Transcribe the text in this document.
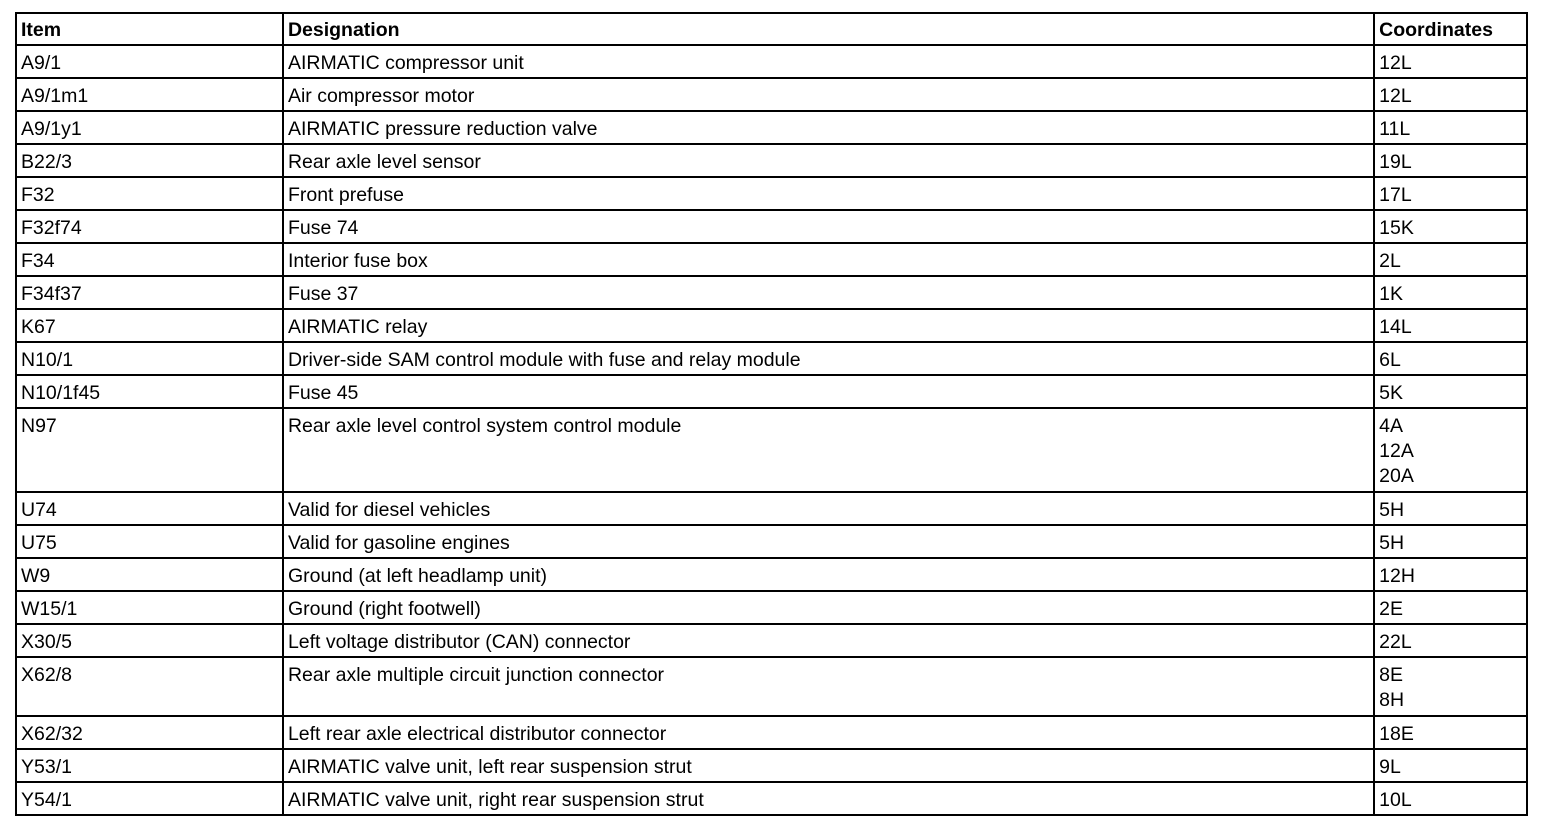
Item	Designation	Coordinates
A9/1	AIRMATIC compressor unit	12L

A9/1m1	Air compressor motor	12L

A9/1y1	AIRMATIC pressure reduction valve	11L

B22/3	Rear axle level sensor	19L

F32	Front prefuse	17L

F32f74	Fuse 74	15K

F34	Interior fuse box	2L

F34f37	Fuse 37	1K

K67	AIRMATIC relay	14L

N10/1	Driver-side SAM control module with fuse and relay module	6L

N10/1f45	Fuse 45	5K

N97	Rear axle level control system control module	4A
12A
20A

U74	Valid for diesel vehicles	5H

U75	Valid for gasoline engines	5H

W9	Ground (at left headlamp unit)	12H

W15/1	Ground (right footwell)	2E

X30/5	Left voltage distributor (CAN) connector	22L

X62/8	Rear axle multiple circuit junction connector	8E
8H

X62/32	Left rear axle electrical distributor connector	18E

Y53/1	AIRMATIC valve unit, left rear suspension strut	9L

Y54/1	AIRMATIC valve unit, right rear suspension strut	10L
